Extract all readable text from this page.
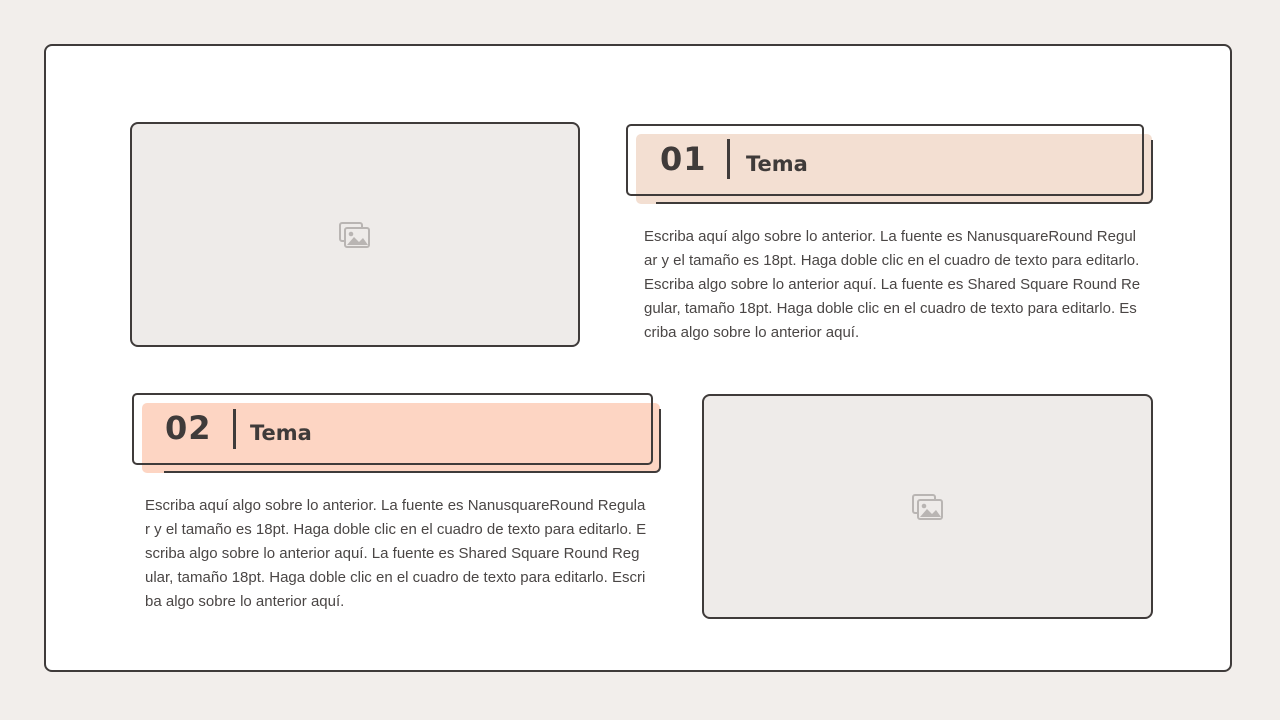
01 Tema
Escriba aquí algo sobre lo anterior. La fuente es NanusquareRound Regular y el tamaño es 18pt. Haga doble clic en el cuadro de texto para editarlo. Escriba algo sobre lo anterior aquí. La fuente es Shared Square Round Regular, tamaño 18pt. Haga doble clic en el cuadro de texto para editarlo. Escriba algo sobre lo anterior aquí.
02 Tema
Escriba aquí algo sobre lo anterior. La fuente es NanusquareRound Regular y el tamaño es 18pt. Haga doble clic en el cuadro de texto para editarlo. Escriba algo sobre lo anterior aquí. La fuente es Shared Square Round Regular, tamaño 18pt. Haga doble clic en el cuadro de texto para editarlo. Escriba algo sobre lo anterior aquí.
